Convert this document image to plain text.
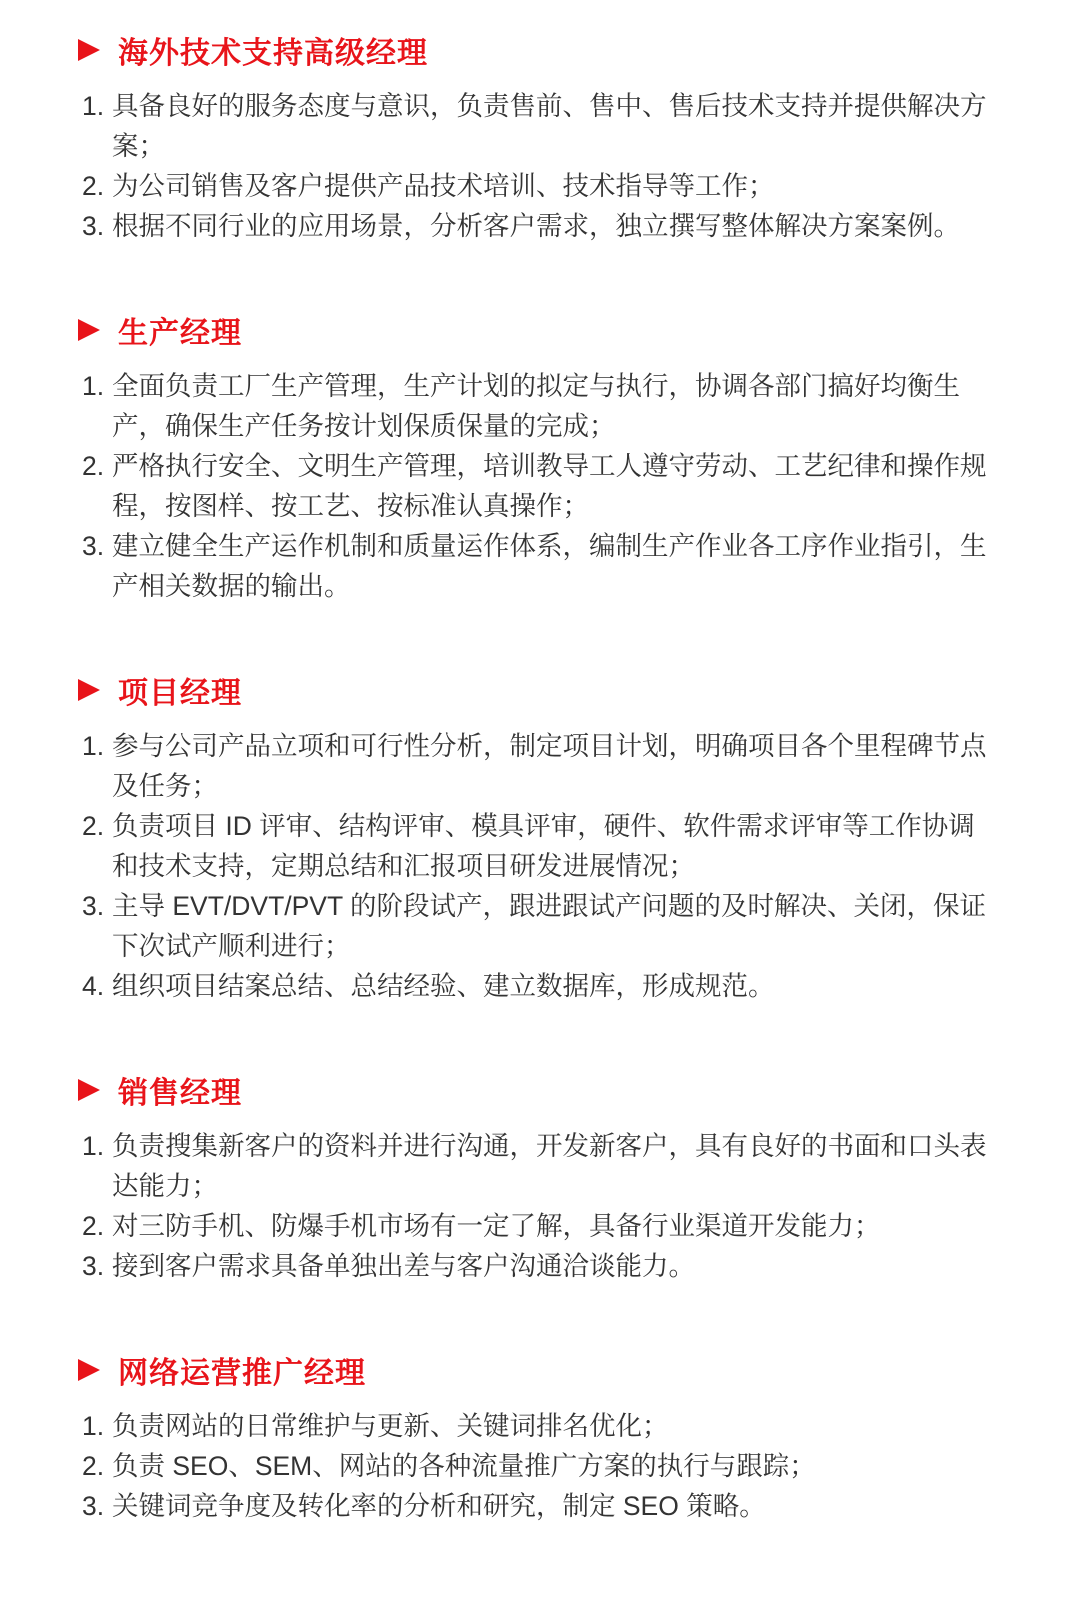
海外技术支持高级经理
1. 具备良好的服务态度与意识，负责售前、售中、售后技术支持并提供解决方案；
2. 为公司销售及客户提供产品技术培训、技术指导等工作；
3. 根据不同行业的应用场景，分析客户需求，独立撰写整体解决方案案例。
生产经理
1. 全面负责工厂生产管理，生产计划的拟定与执行，协调各部门搞好均衡生产，确保生产任务按计划保质保量的完成；
2. 严格执行安全、文明生产管理，培训教导工人遵守劳动、工艺纪律和操作规程，按图样、按工艺、按标准认真操作；
3. 建立健全生产运作机制和质量运作体系，编制生产作业各工序作业指引，生产相关数据的输出。
项目经理
1. 参与公司产品立项和可行性分析，制定项目计划，明确项目各个里程碑节点及任务；
2. 负责项目 ID 评审、结构评审、模具评审，硬件、软件需求评审等工作协调和技术支持，定期总结和汇报项目研发进展情况；
3. 主导 EVT/DVT/PVT 的阶段试产，跟进跟试产问题的及时解决、关闭，保证下次试产顺利进行；
4. 组织项目结案总结、总结经验、建立数据库，形成规范。
销售经理
1. 负责搜集新客户的资料并进行沟通，开发新客户，具有良好的书面和口头表达能力；
2. 对三防手机、防爆手机市场有一定了解，具备行业渠道开发能力；
3. 接到客户需求具备单独出差与客户沟通洽谈能力。
网络运营推广经理
1. 负责网站的日常维护与更新、关键词排名优化；
2. 负责 SEO、SEM、网站的各种流量推广方案的执行与跟踪；
3. 关键词竞争度及转化率的分析和研究，制定 SEO 策略。
